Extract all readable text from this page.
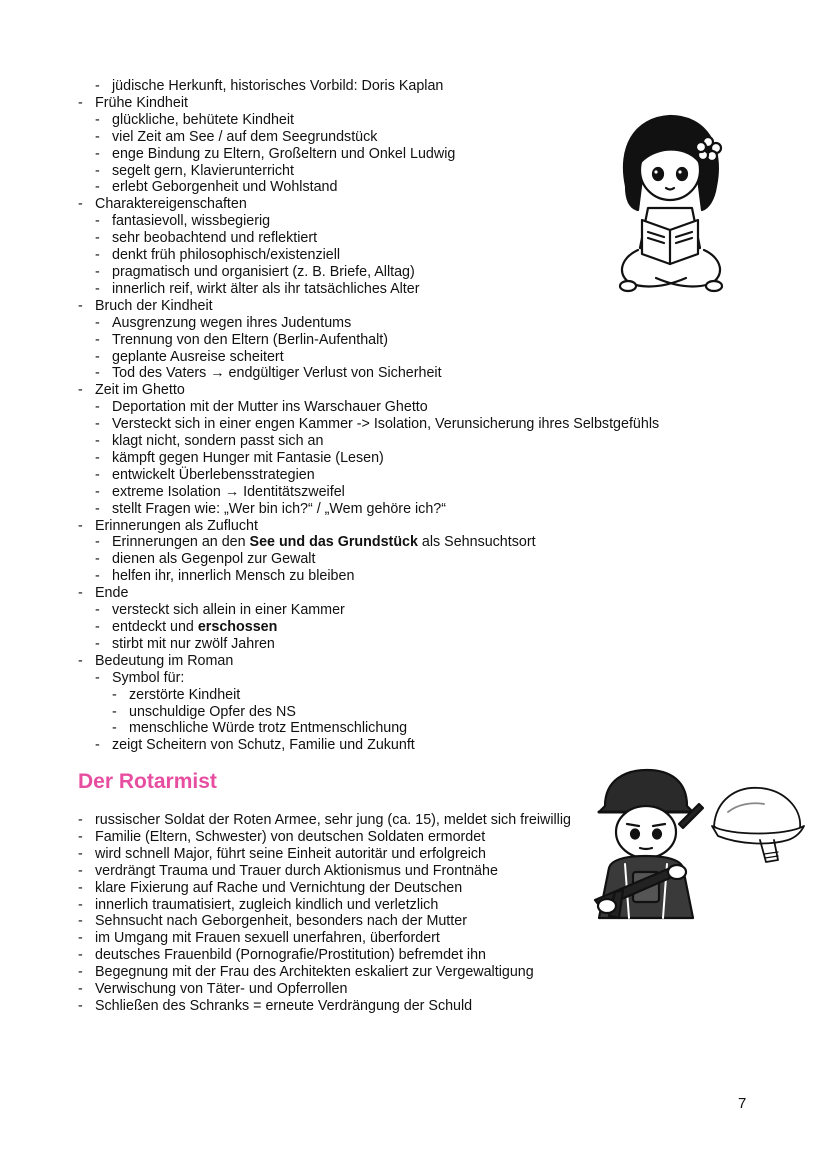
- jüdische Herkunft, historisches Vorbild: Doris Kaplan
- Frühe Kindheit
- glückliche, behütete Kindheit
- viel Zeit am See / auf dem Seegrundstück
- enge Bindung zu Eltern, Großeltern und Onkel Ludwig
- segelt gern, Klavierunterricht
- erlebt Geborgenheit und Wohlstand
- Charaktereigenschaften
- fantasievoll, wissbegierig
- sehr beobachtend und reflektiert
- denkt früh philosophisch/existenziell
- pragmatisch und organisiert (z. B. Briefe, Alltag)
- innerlich reif, wirkt älter als ihr tatsächliches Alter
- Bruch der Kindheit
- Ausgrenzung wegen ihres Judentums
- Trennung von den Eltern (Berlin-Aufenthalt)
- geplante Ausreise scheitert
- Tod des Vaters → endgültiger Verlust von Sicherheit
- Zeit im Ghetto
- Deportation mit der Mutter ins Warschauer Ghetto
- Versteckt sich in einer engen Kammer -> Isolation, Verunsicherung ihres Selbstgefühls
- klagt nicht, sondern passt sich an
- kämpft gegen Hunger mit Fantasie (Lesen)
- entwickelt Überlebensstrategien
- extreme Isolation → Identitätszweifel
- stellt Fragen wie: „Wer bin ich?“ / „Wem gehöre ich?“
- Erinnerungen als Zuflucht
- Erinnerungen an den See und das Grundstück als Sehnsuchtsort
- dienen als Gegenpol zur Gewalt
- helfen ihr, innerlich Mensch zu bleiben
- Ende
- versteckt sich allein in einer Kammer
- entdeckt und erschossen
- stirbt mit nur zwölf Jahren
- Bedeutung im Roman
- Symbol für:
- zerstörte Kindheit
- unschuldige Opfer des NS
- menschliche Würde trotz Entmenschlichung
- zeigt Scheitern von Schutz, Familie und Zukunft
Der Rotarmist
- russischer Soldat der Roten Armee, sehr jung (ca. 15), meldet sich freiwillig
- Familie (Eltern, Schwester) von deutschen Soldaten ermordet
- wird schnell Major, führt seine Einheit autoritär und erfolgreich
- verdrängt Trauma und Trauer durch Aktionismus und Frontnähe
- klare Fixierung auf Rache und Vernichtung der Deutschen
- innerlich traumatisiert, zugleich kindlich und verletzlich
- Sehnsucht nach Geborgenheit, besonders nach der Mutter
- im Umgang mit Frauen sexuell unerfahren, überfordert
- deutsches Frauenbild (Pornografie/Prostitution) befremdet ihn
- Begegnung mit der Frau des Architekten eskaliert zur Vergewaltigung
- Verwischung von Täter- und Opferrollen
- Schließen des Schranks = erneute Verdrängung der Schuld
7
